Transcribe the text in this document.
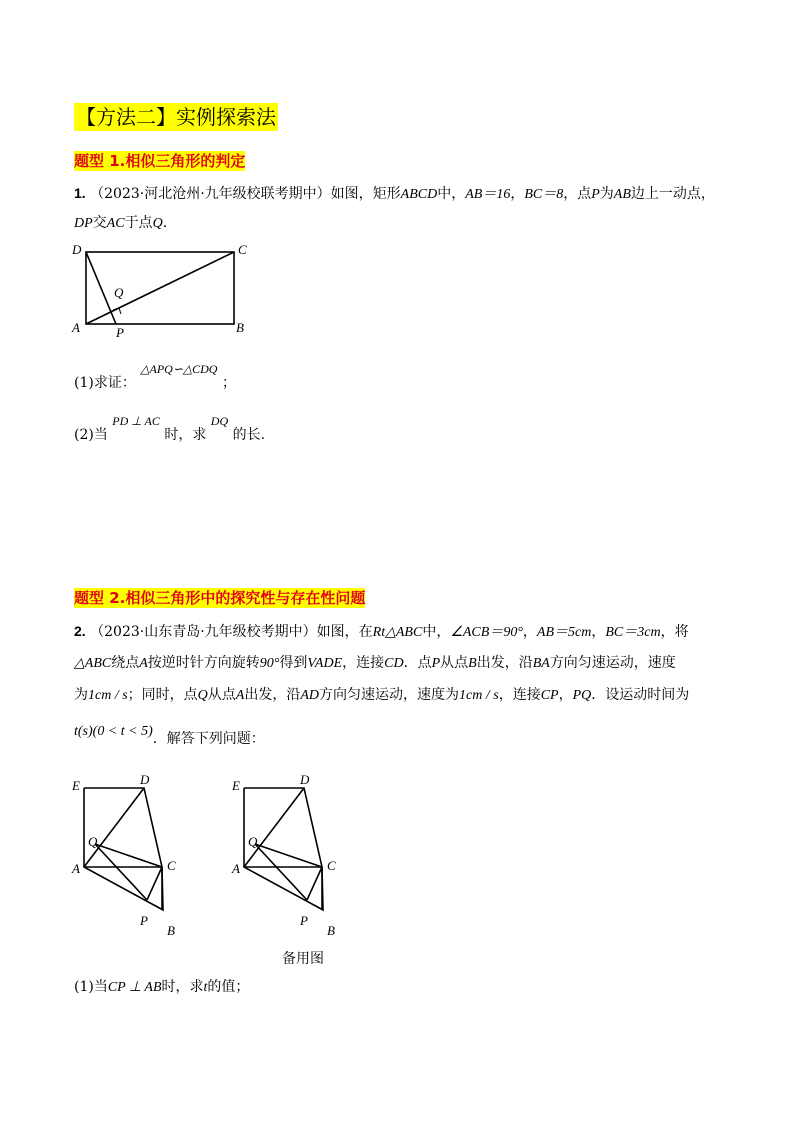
【方法二】实例探索法
题型 1.相似三角形的判定
1. （2023·河北沧州·九年级校联考期中）如图，矩形ABCD中，AB＝16，BC＝8，点P为AB边上一动点，
DP交AC于点Q.
D	C
Q
A	P	B
(1)求证： △APQ∽△CDQ ；
(2)当 PD ⊥ AC 时，求 DQ 的长.
题型 2.相似三角形中的探究性与存在性问题
2. （2023·山东青岛·九年级校考期中）如图，在Rt△ABC中，∠ACB＝90°，AB＝5cm，BC＝3cm，将
△ABC绕点A按逆时针方向旋转90°得到VADE，连接CD．点P从点B出发，沿BA方向匀速运动，速度
为1cm / s；同时，点Q从点A出发，沿AD方向匀速运动，速度为1cm / s，连接CP，PQ．设运动时间为
t(s)(0 < t < 5)．解答下列问题：
E	D
Q
A	C
P
B
E	D
Q
A	C
P
B
备用图
(1)当CP ⊥ AB时，求t的值；
